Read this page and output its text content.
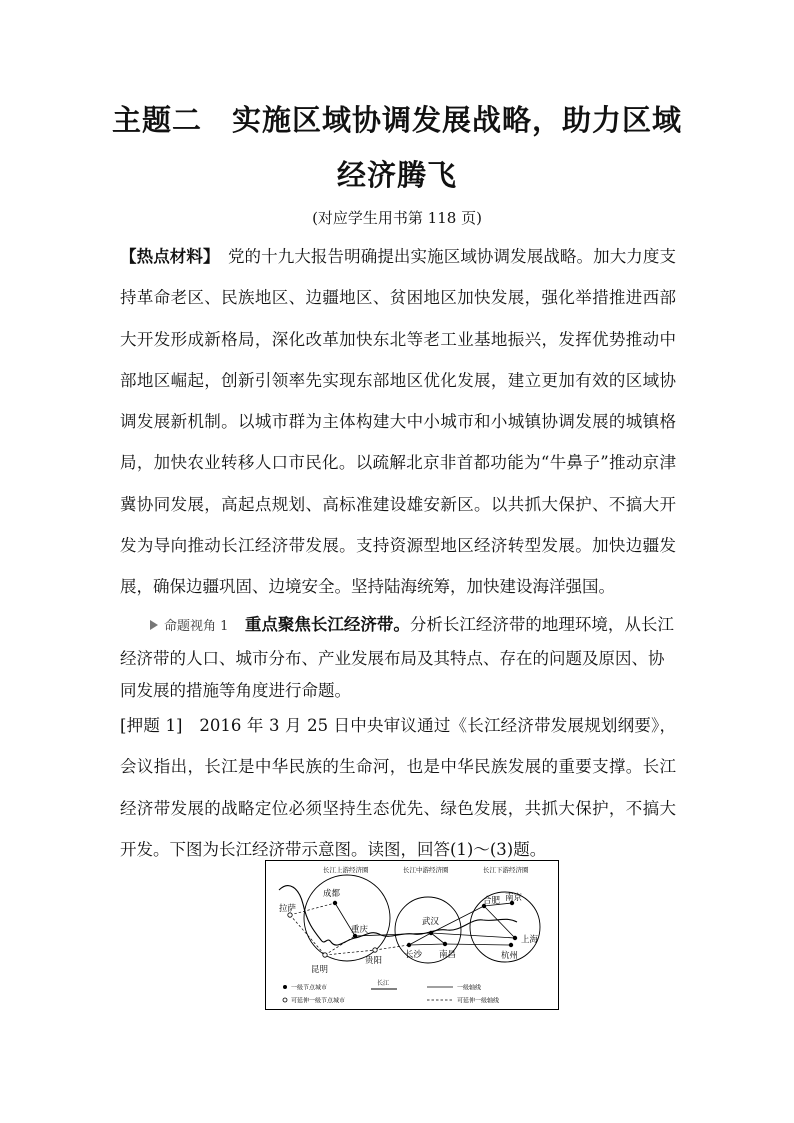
主题二　实施区域协调发展战略，助力区域
经济腾飞
(对应学生用书第 118 页)
【热点材料】　党的十九大报告明确提出实施区域协调发展战略。加大力度支持革命老区、民族地区、边疆地区、贫困地区加快发展，强化举措推进西部大开发形成新格局，深化改革加快东北等老工业基地振兴，发挥优势推动中部地区崛起，创新引领率先实现东部地区优化发展，建立更加有效的区域协调发展新机制。以城市群为主体构建大中小城市和小城镇协调发展的城镇格局，加快农业转移人口市民化。以疏解北京非首都功能为“牛鼻子”推动京津冀协同发展，高起点规划、高标准建设雄安新区。以共抓大保护、不搞大开发为导向推动长江经济带发展。支持资源型地区经济转型发展。加快边疆发展，确保边疆巩固、边境安全。坚持陆海统筹，加快建设海洋强国。
命题视角 1　 重点聚焦长江经济带。分析长江经济带的地理环境，从长江经济带的人口、城市分布、产业发展布局及其特点、存在的问题及原因、协同发展的措施等角度进行命题。
[押题 1]　2016 年 3 月 25 日中央审议通过《长江经济带发展规划纲要》，会议指出，长江是中华民族的生命河，也是中华民族发展的重要支撑。长江经济带发展的战略定位必须坚持生态优先、绿色发展，共抓大保护，不搞大开发。下图为长江经济带示意图。读图，回答(1)～(3)题。
长江上游经济圈	长江中游经济圈	长江下游经济圈
成都
重庆
拉萨
昆明
贵阳
武汉
长沙 南昌
合肥 南京
杭州
上海
一级节点城市
可延伸一级节点城市
长江
一级轴线
可延伸一级轴线
